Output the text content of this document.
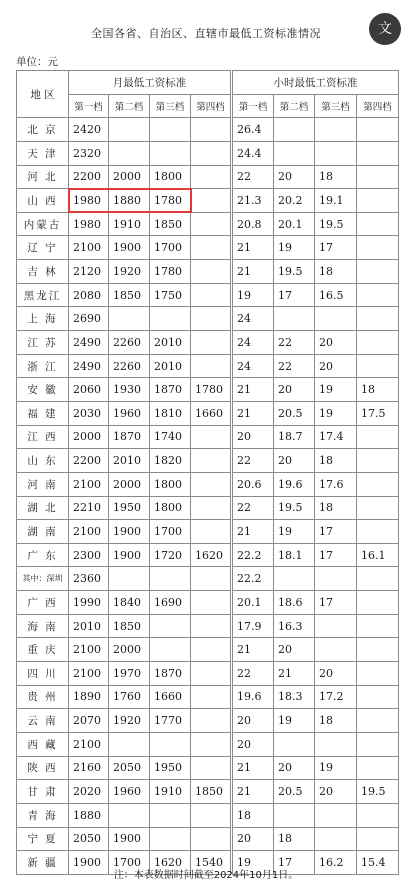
全国各省、自治区、直辖市最低工资标准情况	文
单位：元
地 区	月最低工资标准				小时最低工资标准			
	第一档	第二档	第三档	第四档	第一档	第二档	第三档	第四档
北 京	2420				26.4			
天 津	2320				24.4			
河 北	2200	2000	1800		22	20	18	
山 西	1980	1880	1780		21.3	20.2	19.1	
内蒙古	1980	1910	1850		20.8	20.1	19.5	
辽 宁	2100	1900	1700		21	19	17	
吉 林	2120	1920	1780		21	19.5	18	
黑龙江	2080	1850	1750		19	17	16.5	
上 海	2690				24			
江 苏	2490	2260	2010		24	22	20	
浙 江	2490	2260	2010		24	22	20	
安 徽	2060	1930	1870	1780	21	20	19	18
福 建	2030	1960	1810	1660	21	20.5	19	17.5
江 西	2000	1870	1740		20	18.7	17.4	
山 东	2200	2010	1820		22	20	18	
河 南	2100	2000	1800		20.6	19.6	17.6	
湖 北	2210	1950	1800		22	19.5	18	
湖 南	2100	1900	1700		21	19	17	
广 东	2300	1900	1720	1620	22.2	18.1	17	16.1
其中：深圳	2360				22.2			
广 西	1990	1840	1690		20.1	18.6	17	
海 南	2010	1850			17.9	16.3		
重 庆	2100	2000			21	20		
四 川	2100	1970	1870		22	21	20	
贵 州	1890	1760	1660		19.6	18.3	17.2	
云 南	2070	1920	1770		20	19	18	
西 藏	2100				20			
陕 西	2160	2050	1950		21	20	19	
甘 肃	2020	1960	1910	1850	21	20.5	20	19.5
青 海	1880				18			
宁 夏	2050	1900			20	18		
新 疆	1900	1700	1620	1540	19	17	16.2	15.4
注：本表数据时间截至2024年10月1日。
